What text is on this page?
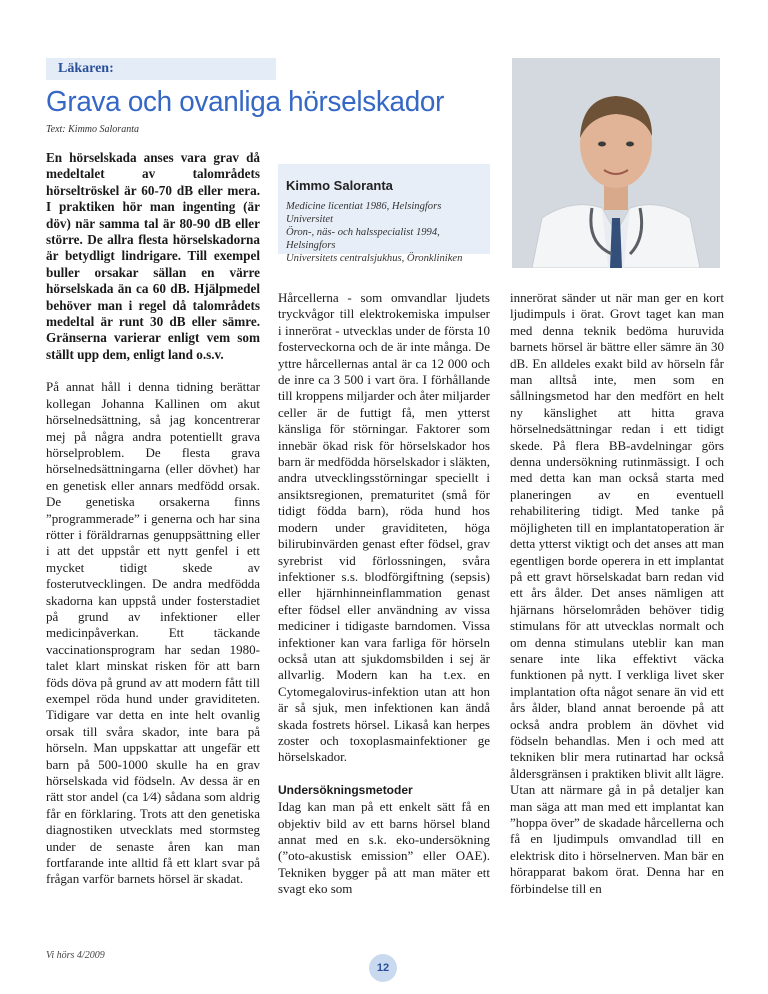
Läkaren:
Grava och ovanliga hörselskador
Text: Kimmo Saloranta

En hörselskada anses vara grav då medeltalet av talområdets hörseltröskel är 60-70 dB eller mera. I praktiken hör man ingenting (är döv) när samma tal är 80-90 dB eller större. De allra flesta hörselskadorna är betydligt lindrigare. Till exempel buller orsakar sällan en värre hörselskada än ca 60 dB. Hjälpmedel behöver man i regel då talområdets medeltal är runt 30 dB eller sämre. Gränserna varierar enligt vem som ställt upp dem, enligt land o.s.v.

På annat håll i denna tidning berättar kollegan Johanna Kallinen om akut hörselnedsättning, så jag koncentrerar mej på några andra potentiellt grava hörselproblem. De flesta grava hörselnedsättningarna (eller dövhet) har en genetisk eller annars medfödd orsak. De genetiska orsakerna finns ”programmerade” i generna och har sina rötter i föräldrarnas genuppsättning eller i att det uppstår ett nytt genfel i ett mycket tidigt skede av fosterutvecklingen. De andra medfödda skadorna kan uppstå under fosterstadiet på grund av infektioner eller medicinpåverkan. Ett täckande vaccinationsprogram har sedan 1980-talet klart minskat risken för att barn föds döva på grund av att modern fått till exempel röda hund under graviditeten. Tidigare var detta en inte helt ovanlig orsak till svåra skador, inte bara på hörseln. Man uppskattar att ungefär ett barn på 500-1000 skulle ha en grav hörselskada vid födseln. Av dessa är en rätt stor andel (ca 1⁄4) sådana som aldrig får en förklaring. Trots att den genetiska diagnostiken utvecklats med stormsteg under de senaste åren kan man fortfarande inte alltid få ett klart svar på frågan varför barnets hörsel är skadat.

Kimmo Saloranta
Medicine licentiat 1986, Helsingfors Universitet
Öron-, näs- och halsspecialist 1994, Helsingfors
Universitets centralsjukhus, Öronkliniken

Hårcellerna - som omvandlar ljudets tryckvågor till elektrokemiska impulser i innerörat - utvecklas under de första 10 fosterveckorna och de är inte många. De yttre hårcellernas antal är ca 12 000 och de inre ca 3 500 i vart öra. I förhållande till kroppens miljarder och åter miljarder celler är de futtigt få, men ytterst känsliga för störningar. Faktorer som innebär ökad risk för hörselskador hos barn är medfödda hörselskador i släkten, andra utvecklingsstörningar speciellt i ansiktsregionen, prematuritet (små för tidigt födda barn), röda hund hos modern under graviditeten, höga bilirubinvärden genast efter födsel, grav syrebrist vid förlossningen, svåra infektioner s.s. blodförgiftning (sepsis) eller hjärnhinneinflammation genast efter födsel eller användning av vissa mediciner i tidigaste barndomen. Vissa infektioner kan vara farliga för hörseln också utan att sjukdomsbilden i sej är allvarlig. Modern kan ha t.ex. en Cytomegalovirus-infektion utan att hon är så sjuk, men infektionen kan ändå skada fostrets hörsel. Likaså kan herpes zoster och toxoplasmainfektioner ge hörselskador.

Undersökningsmetoder

Idag kan man på ett enkelt sätt få en objektiv bild av ett barns hörsel bland annat med en s.k. eko-undersökning (”oto-akustisk emission” eller OAE). Tekniken bygger på att man mäter ett svagt eko som

innerörat sänder ut när man ger en kort ljudimpuls i örat. Grovt taget kan man med denna teknik bedöma huruvida barnets hörsel är bättre eller sämre än 30 dB. En alldeles exakt bild av hörseln får man alltså inte, men som en sållningsmetod har den medfört en helt ny känslighet att hitta grava hörselnedsättningar redan i ett tidigt skede. På flera BB-avdelningar görs denna undersökning rutinmässigt. I och med detta kan man också starta med planeringen av en eventuell rehabilitering tidigt. Med tanke på möjligheten till en implantatoperation är detta ytterst viktigt och det anses att man egentligen borde operera in ett implantat på ett gravt hörselskadat barn redan vid ett års ålder. Det anses nämligen att hjärnans hörselområden behöver tidig stimulans för att utvecklas normalt och om denna stimulans uteblir kan man senare inte lika effektivt väcka funktionen på nytt. I verkliga livet sker implantation ofta något senare än vid ett års ålder, bland annat beroende på att också andra problem än dövhet vid födseln behandlas. Men i och med att tekniken blir mera rutinartad har också åldersgränsen i praktiken blivit allt lägre. Utan att närmare gå in på detaljer kan man säga att man med ett implantat kan ”hoppa över” de skadade hårcellerna och få en ljudimpuls omvandlad till en elektrisk dito i hörselnerven. Man bär en hörapparat bakom örat. Denna har en förbindelse till en

Vi hörs 4/2009
12
